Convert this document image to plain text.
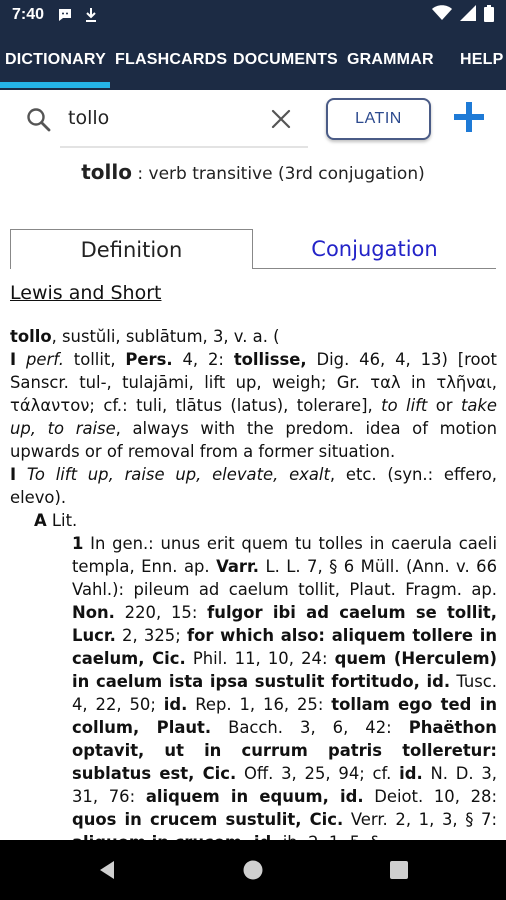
7:40
DICTIONARY FLASHCARDS DOCUMENTS GRAMMAR HELP
tollo
LATIN
tollo : verb transitive (3rd conjugation)
Definition	Conjugation
Lewis and Short
tollo, sustŭli, sublātum, 3, v. a. (
I perf. tollit, Pers. 4, 2: tollisse, Dig. 46, 4, 13) [root Sanscr. tul-, tulajāmi, lift up, weigh; Gr. ταλ in τλῆναι, τάλαντον; cf.: tuli, tlātus (latus), tolerare], to lift or take up, to raise, always with the predom. idea of motion upwards or of removal from a former situation.
I To lift up, raise up, elevate, exalt, etc. (syn.: effero, elevo).
A Lit.
1 In gen.: unus erit quem tu tolles in caerula caeli templa, Enn. ap. Varr. L. L. 7, § 6 Müll. (Ann. v. 66 Vahl.): pileum ad caelum tollit, Plaut. Fragm. ap. Non. 220, 15: fulgor ibi ad caelum se tollit, Lucr. 2, 325; for which also: aliquem tollere in caelum, Cic. Phil. 11, 10, 24: quem (Herculem) in caelum ista ipsa sustulit fortitudo, id. Tusc. 4, 22, 50; id. Rep. 1, 16, 25: tollam ego ted in collum, Plaut. Bacch. 3, 6, 42: Phaëthon optavit, ut in currum patris tolleretur: sublatus est, Cic. Off. 3, 25, 94; cf. id. N. D. 3, 31, 76: aliquem in equum, id. Deiot. 10, 28: quos in crucem sustulit, Cic. Verr. 2, 1, 3, § 7:
